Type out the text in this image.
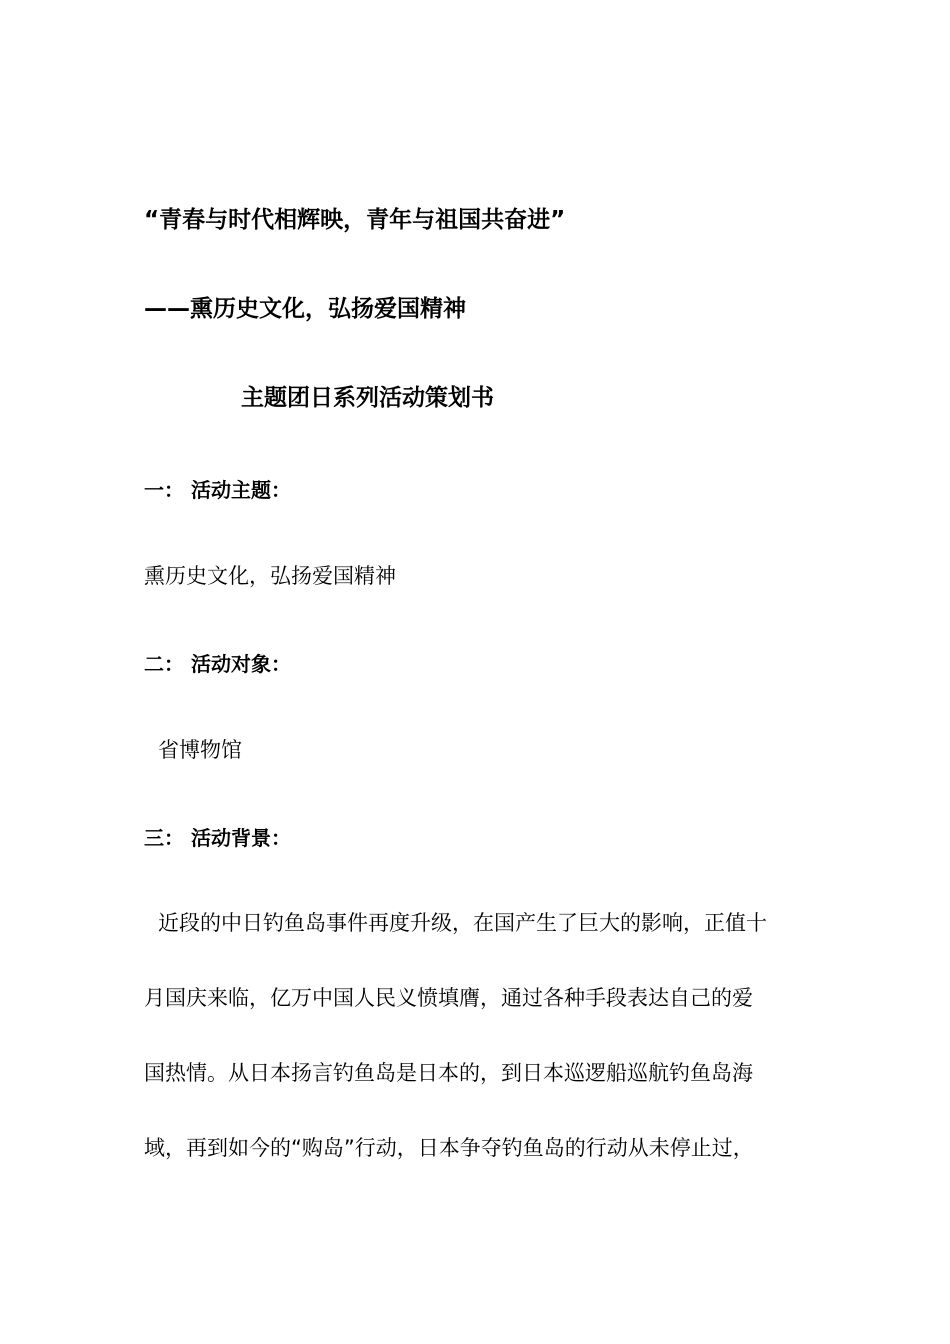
“青春与时代相辉映，青年与祖国共奋进”
——熏历史文化，弘扬爱国精神
主题团日系列活动策划书
一： 活动主题：
熏历史文化，弘扬爱国精神
二： 活动对象：
省博物馆
三： 活动背景：
近段的中日钓鱼岛事件再度升级，在国产生了巨大的影响，正值十
月国庆来临，亿万中国人民义愤填膺，通过各种手段表达自己的爱
国热情。从日本扬言钓鱼岛是日本的，到日本巡逻船巡航钓鱼岛海
域，再到如今的“购岛”行动，日本争夺钓鱼岛的行动从未停止过，
